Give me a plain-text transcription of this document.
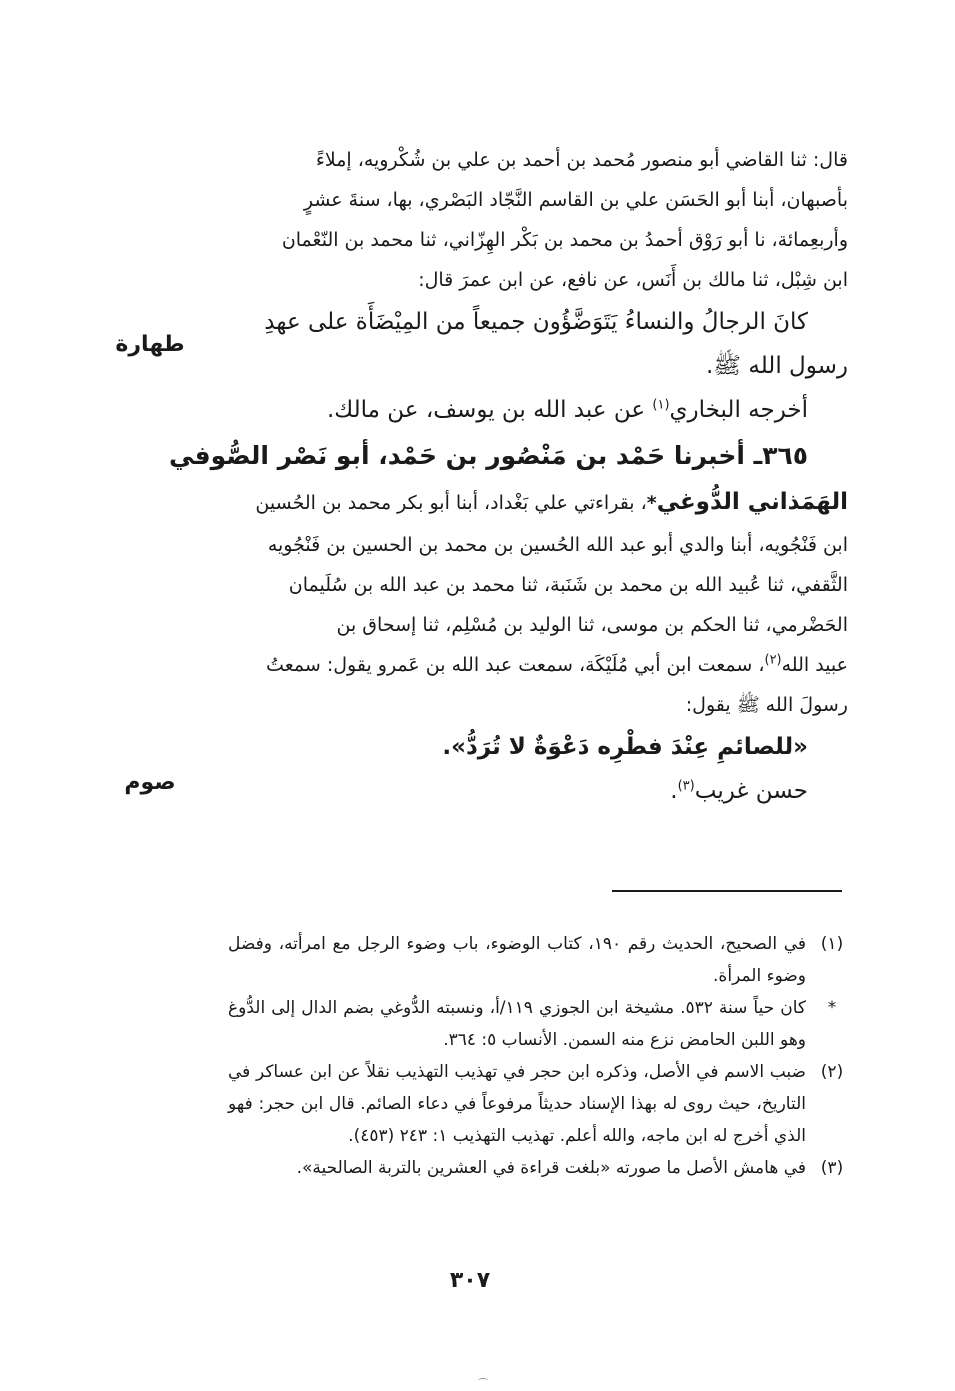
قال: ثنا القاضي أبو منصور مُحمد بن أحمد بن علي بن شُكْرويه، إملاءً
بأصبهان، أبنا أبو الحَسَن علي بن القاسم النَّجّاد البَصْري، بها، سنةَ عشرٍ
وأربعِمائة، نا أبو رَوْق أحمدُ بن محمد بن بَكْر الهِزّاني، ثنا محمد بن النّعْمان
ابن شِبْل، ثنا مالك بن أَنَس، عن نافع، عن ابن عمرَ قال:
كانَ الرجالُ والنساءُ يَتَوَضَّؤُون جميعاً من المِيْضَأَة على عهدِ
رسول الله ﷺ.
أخرجه البخاري$^{(١)}$ عن عبد الله بن يوسف، عن مالك.
٣٦٥ـ أخبرنا حَمْد بن مَنْصُور بن حَمْد، أبو نَصْر الصُّوفي
الهَمَذاني الدُّوغي*، بقراءتي علي بَغْداد، أبنا أبو بكر محمد بن الحُسين
ابن فَنْجُويه، أبنا والدي أبو عبد الله الحُسين بن محمد بن الحسين بن فَنْجُويه
الثَّقفي، ثنا عُبيد الله بن محمد بن شَنَبة، ثنا محمد بن عبد الله بن سُلَيمان
الحَضْرمي، ثنا الحكم بن موسى، ثنا الوليد بن مُسْلِم، ثنا إسحاق بن
عبيد الله$^{(٢)}$، سمعت ابن أبي مُلَيْكَة، سمعت عبد الله بن عَمرو يقول: سمعتُ
رسولَ الله ﷺ يقول:
«للصائمِ عِنْدَ فطْرِه دَعْوَةٌ لا تُرَدُّ».
حسن غريب$^{(٣)}$.
طهارة
صوم
(١)
في الصحيح، الحديث رقم ١٩٠، كتاب الوضوء، باب وضوء الرجل مع امرأته، وفضل وضوء المرأة.
*
كان حياً سنة ٥٣٢. مشيخة ابن الجوزي ١١٩/أ، ونسبته الدُّوغي بضم الدال إلى الدُّوغ وهو اللبن الحامض نزع منه السمن. الأنساب ٥: ٣٦٤.
(٢)
ضبب الاسم في الأصل، وذكره ابن حجر في تهذيب التهذيب نقلاً عن ابن عساكر في التاريخ، حيث روى له بهذا الإسناد حديثاً مرفوعاً في دعاء الصائم. قال ابن حجر: فهو الذي أخرج له ابن ماجه، والله أعلم. تهذيب التهذيب ١: ٢٤٣ (٤٥٣).
(٣)
في هامش الأصل ما صورته «بلغت قراءة في العشرين بالتربة الصالحية».
٣٠٧
